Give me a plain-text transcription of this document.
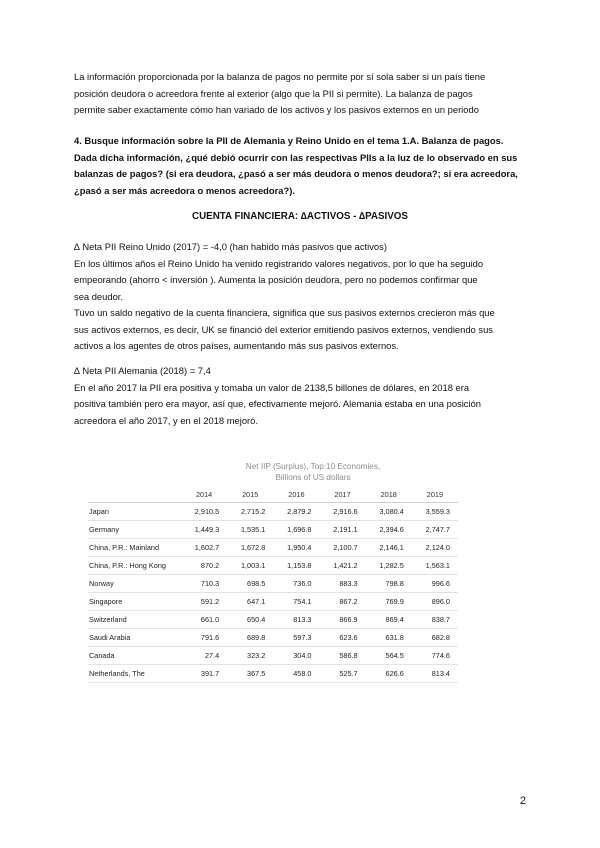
La información proporcionada por la balanza de pagos no permite por sí sola saber si un país tiene
posición deudora o acreedora frente al exterior (algo que la PII si permite). La balanza de pagos
permite saber exactamente cómo han variado de los activos y los pasivos externos en un periodo
4. Busque información sobre la PII de Alemania y Reino Unido en el tema 1.A. Balanza de pagos.
Dada dicha información, ¿qué debió ocurrir con las respectivas PIIs a la luz de lo observado en sus
balanzas de pagos? (si era deudora, ¿pasó a ser más deudora o menos deudora?; si era acreedora,
¿pasó a ser más acreedora o menos acreedora?).
CUENTA FINANCIERA: ∆ACTIVOS - ∆PASIVOS
∆ Neta PII Reino Unido (2017) = -4,0 (han habido más pasivos que activos)
En los últimos años el Reino Unido ha venido registrando valores negativos, por lo que ha seguido
empeorando (ahorro < inversión ). Aumenta la posición deudora, pero no podemos confirmar que
sea deudor.
Tuvo un saldo negativo de la cuenta financiera, significa que sus pasivos externos crecieron más que
sus activos externos, es decir, UK se financió del exterior emitiendo pasivos externos, vendiendo sus
activos a los agentes de otros países, aumentando más sus pasivos externos.
∆ Neta PII Alemania (2018) = 7,4
En el año 2017 la PII era positiva y tomaba un valor de 2138,5 billones de dólares, en 2018 era
positiva también pero era mayor, así que, efectivamente mejoró. Alemania estaba en una posición
acreedora el año 2017, y en el 2018 mejoró.
Net IIP (Surplus), Top 10 Economies,
Billions of US dollars
	2014	2015	2016	2017	2018	2019
Japan	2,910.5	2,715.2	2,879.2	2,916.6	3,080.4	3,559.3
Germany	1,449.3	1,535.1	1,696.8	2,191.1	2,394.6	2,747.7
China, P.R.: Mainland	1,602.7	1,672.8	1,950.4	2,100.7	2,146.1	2,124.0
China, P.R.: Hong Kong	870.2	1,003.1	1,153.8	1,421.2	1,282.5	1,563.1
Norway	710.3	698.5	736.0	883.3	798.8	996.6
Singapore	591.2	647.1	754.1	867.2	769.9	896.0
Switzerland	661.0	650.4	813.3	866.9	869.4	838.7
Saudi Arabia	791.6	689.8	597.3	623.6	631.8	682.8
Canada	27.4	323.2	304.0	586.8	564.5	774.6
Netherlands, The	391.7	367.5	458.0	525.7	626.6	813.4
2
